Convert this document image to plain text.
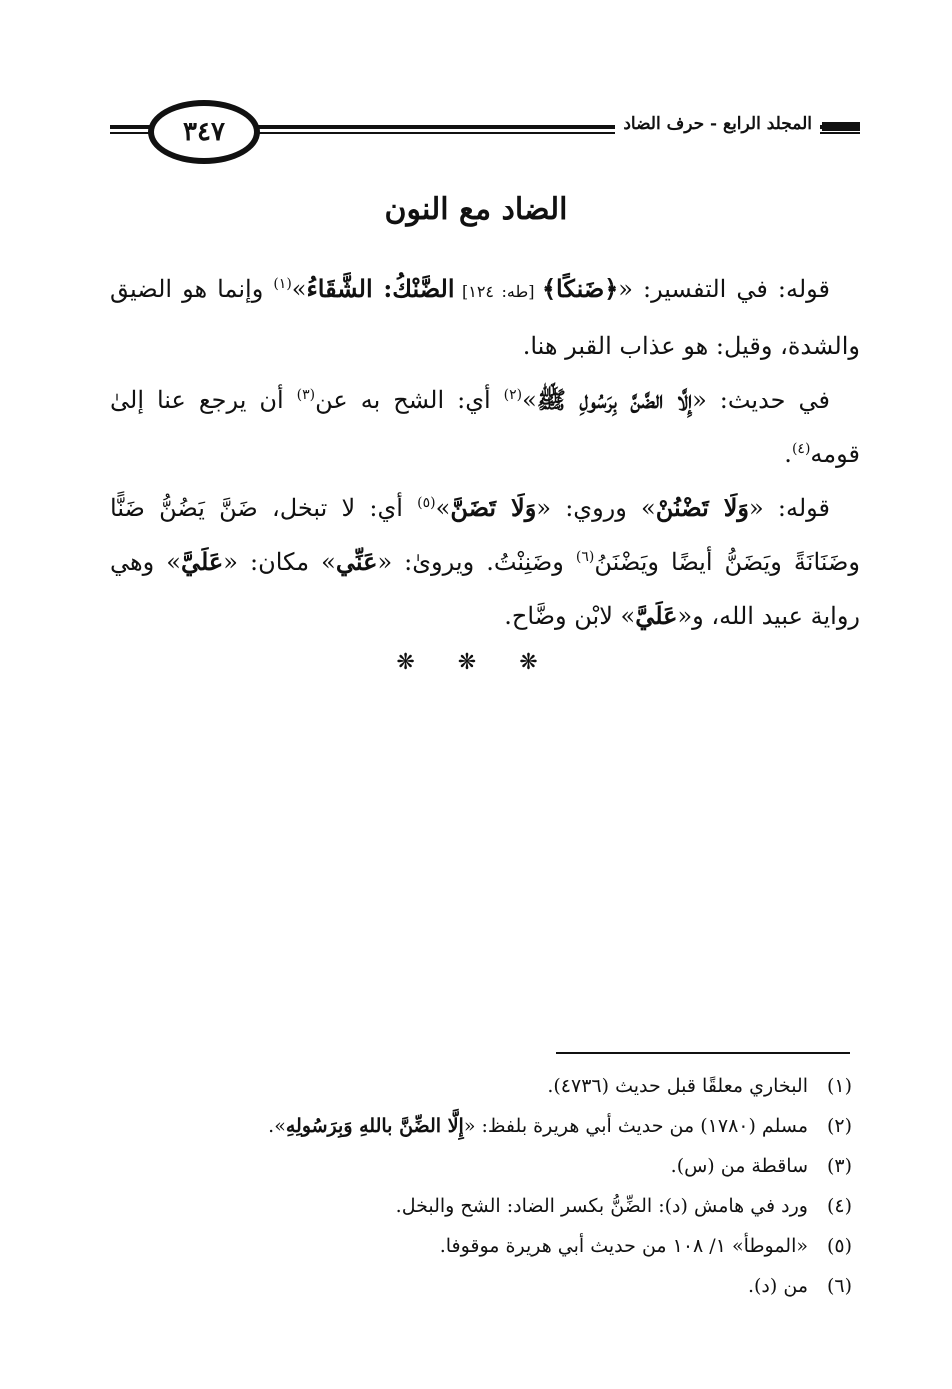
٣٤٧	المجلد الرابع - حرف الضاد
الضاد مع النون

قوله: في التفسير: «﴿ضَنكًا﴾ [طه: ١٢٤] الضَّنْكُ: الشَّقَاءُ»$^{(١)}$ وإنما هو الضيق والشدة، وقيل: هو عذاب القبر هنا.

في حديث: «إِلَّا الضَّنَّ بِرَسُولِ ﷺ»$^{(٢)}$ أي: الشح به عن$^{(٣)}$ أن يرجع عنا إلىٰ قومه$^{(٤)}$.

قوله: «وَلَا تَضْنُنْ» وروي: «وَلَا تَضَنَّ»$^{(٥)}$ أي: لا تبخل، ضَنَّ يَضُنُّ ضَنًّا وضَنَانَةً ويَضَنُّ أيضًا ويَضْنَنُ$^{(٦)}$ وضَنِنْتُ. ويروىٰ: «عَنِّي» مكان: «عَلَيَّ» وهي رواية عبيد الله، و«عَلَيَّ» لابْن وضَّاح.

❋ ❋ ❋
(١)
البخاري معلقًا قبل حديث (٤٧٣٦).
(٢)
مسلم (١٧٨٠) من حديث أبي هريرة بلفظ: «إِلَّا الضِّنَّ باللهِ وَبِرَسُولِهِ».
(٣)
ساقطة من (س).
(٤)
ورد في هامش (د): الضِّنُّ بكسر الضاد: الشح والبخل.
(٥)
«الموطأ» ١/ ١٠٨ من حديث أبي هريرة موقوفا.
(٦)
من (د).
